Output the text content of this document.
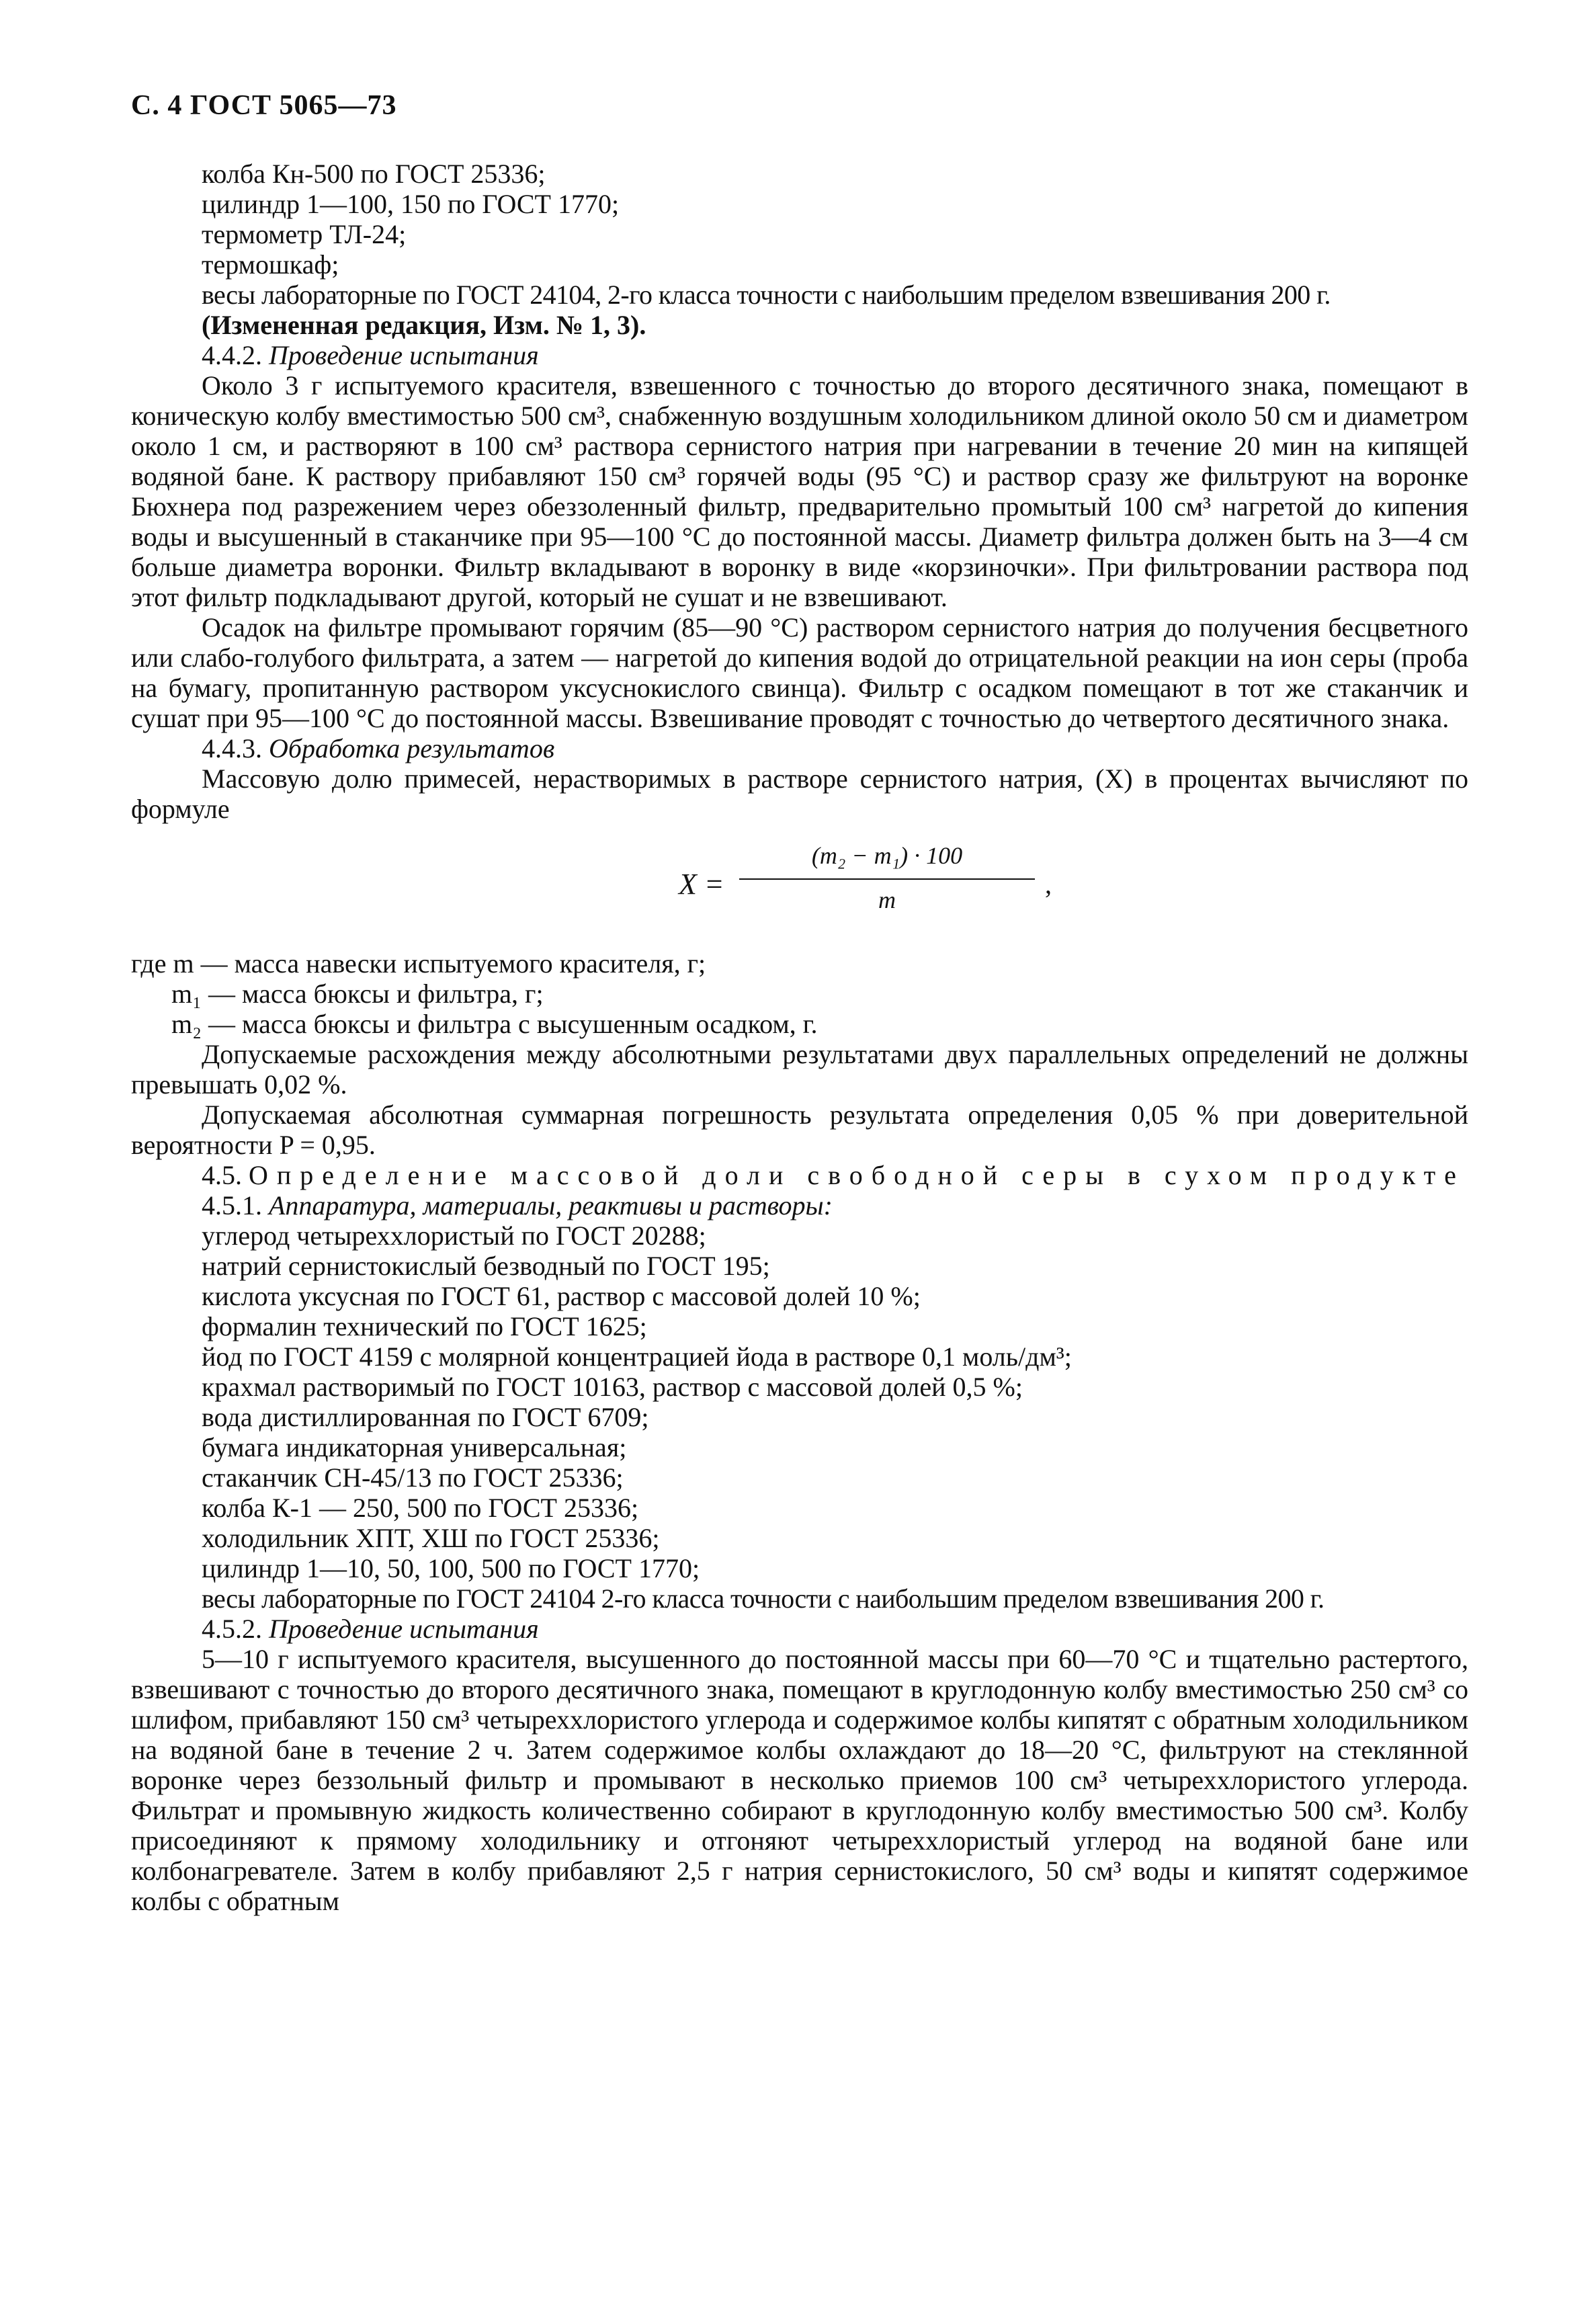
С. 4 ГОСТ 5065—73
колба Кн-500 по ГОСТ 25336;
цилиндр 1—100, 150 по ГОСТ 1770;
термометр ТЛ-24;
термошкаф;
весы лабораторные по ГОСТ 24104, 2-го класса точности с наибольшим пределом взвешивания 200 г.
(Измененная редакция, Изм. № 1, 3).
4.4.2. Проведение испытания
Около 3 г испытуемого красителя, взвешенного с точностью до второго десятичного знака, помещают в коническую колбу вместимостью 500 см³, снабженную воздушным холодильником длиной около 50 см и диаметром около 1 см, и растворяют в 100 см³ раствора сернистого натрия при нагревании в течение 20 мин на кипящей водяной бане. К раствору прибавляют 150 см³ горячей воды (95 °С) и раствор сразу же фильтруют на воронке Бюхнера под разрежением через обеззоленный фильтр, предварительно промытый 100 см³ нагретой до кипения воды и высушенный в стаканчике при 95—100 °С до постоянной массы. Диаметр фильтра должен быть на 3—4 см больше диаметра воронки. Фильтр вкладывают в воронку в виде «корзиночки». При фильтровании раствора под этот фильтр подкладывают другой, который не сушат и не взвешивают.
Осадок на фильтре промывают горячим (85—90 °С) раствором сернистого натрия до получения бесцветного или слабо-голубого фильтрата, а затем — нагретой до кипения водой до отрицательной реакции на ион серы (проба на бумагу, пропитанную раствором уксуснокислого свинца). Фильтр с осадком помещают в тот же стаканчик и сушат при 95—100 °С до постоянной массы. Взвешивание проводят с точностью до четвертого десятичного знака.
4.4.3. Обработка результатов
Массовую долю примесей, нерастворимых в растворе сернистого натрия, (X) в процентах вычисляют по формуле
X =
(m₂ − m₁) · 100
m
,
где m — масса навески испытуемого красителя, г;
m₁ — масса бюксы и фильтра, г;
m₂ — масса бюксы и фильтра с высушенным осадком, г.
Допускаемые расхождения между абсолютными результатами двух параллельных определений не должны превышать 0,02 %.
Допускаемая абсолютная суммарная погрешность результата определения 0,05 % при доверительной вероятности P = 0,95.
4.5. Определение массовой доли свободной серы в сухом продукте
4.5.1. Аппаратура, материалы, реактивы и растворы:
углерод четыреххлористый по ГОСТ 20288;
натрий сернистокислый безводный по ГОСТ 195;
кислота уксусная по ГОСТ 61, раствор с массовой долей 10 %;
формалин технический по ГОСТ 1625;
йод по ГОСТ 4159 с молярной концентрацией йода в растворе 0,1 моль/дм³;
крахмал растворимый по ГОСТ 10163, раствор с массовой долей 0,5 %;
вода дистиллированная по ГОСТ 6709;
бумага индикаторная универсальная;
стаканчик СН-45/13 по ГОСТ 25336;
колба К-1 — 250, 500 по ГОСТ 25336;
холодильник ХПТ, ХШ по ГОСТ 25336;
цилиндр 1—10, 50, 100, 500 по ГОСТ 1770;
весы лабораторные по ГОСТ 24104 2-го класса точности с наибольшим пределом взвешивания 200 г.
4.5.2. Проведение испытания
5—10 г испытуемого красителя, высушенного до постоянной массы при 60—70 °С и тщательно растертого, взвешивают с точностью до второго десятичного знака, помещают в круглодонную колбу вместимостью 250 см³ со шлифом, прибавляют 150 см³ четыреххлористого углерода и содержимое колбы кипятят с обратным холодильником на водяной бане в течение 2 ч. Затем содержимое колбы охлаждают до 18—20 °С, фильтруют на стеклянной воронке через беззольный фильтр и промывают в несколько приемов 100 см³ четыреххлористого углерода. Фильтрат и промывную жидкость количественно собирают в круглодонную колбу вместимостью 500 см³. Колбу присоединяют к прямому холодильнику и отгоняют четыреххлористый углерод на водяной бане или колбонагревателе. Затем в колбу прибавляют 2,5 г натрия сернистокислого, 50 см³ воды и кипятят содержимое колбы с обратным
